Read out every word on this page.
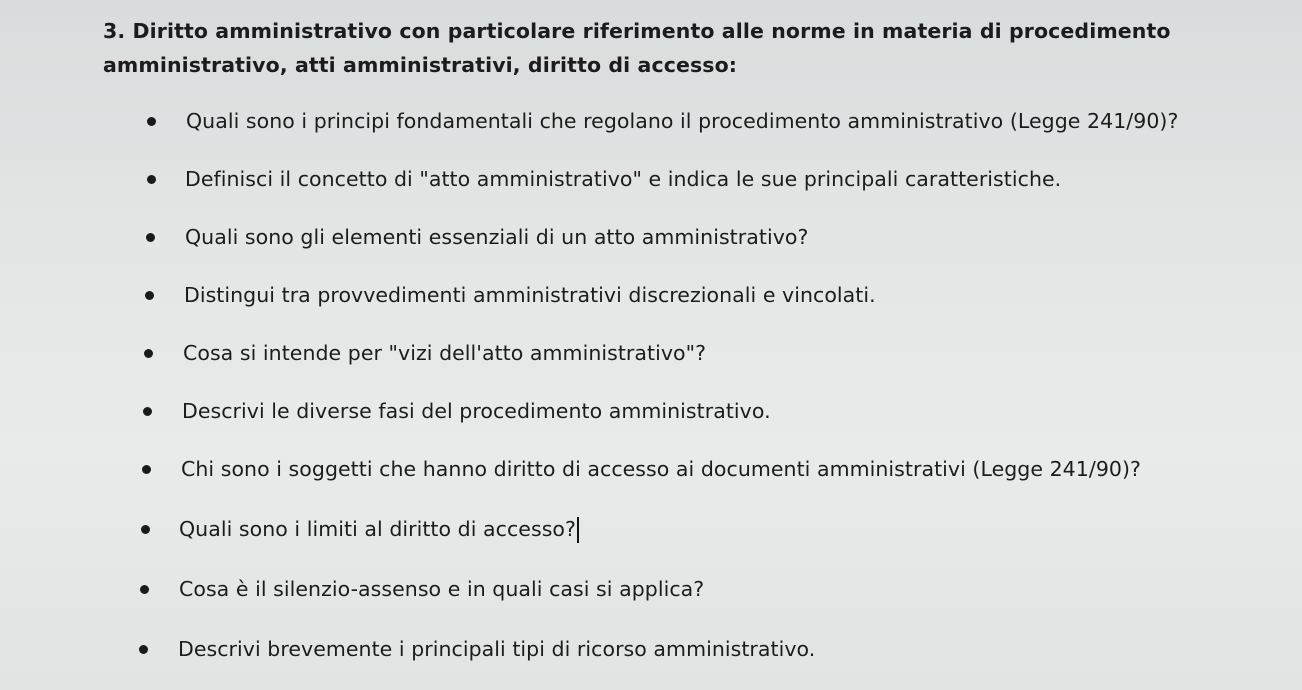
3. Diritto amministrativo con particolare riferimento alle norme in materia di procedimento amministrativo, atti amministrativi, diritto di accesso:

Quali sono i principi fondamentali che regolano il procedimento amministrativo (Legge 241/90)?
Definisci il concetto di "atto amministrativo" e indica le sue principali caratteristiche.
Quali sono gli elementi essenziali di un atto amministrativo?
Distingui tra provvedimenti amministrativi discrezionali e vincolati.
Cosa si intende per "vizi dell'atto amministrativo"?
Descrivi le diverse fasi del procedimento amministrativo.
Chi sono i soggetti che hanno diritto di accesso ai documenti amministrativi (Legge 241/90)?
Quali sono i limiti al diritto di accesso?
Cosa è il silenzio-assenso e in quali casi si applica?
Descrivi brevemente i principali tipi di ricorso amministrativo.
